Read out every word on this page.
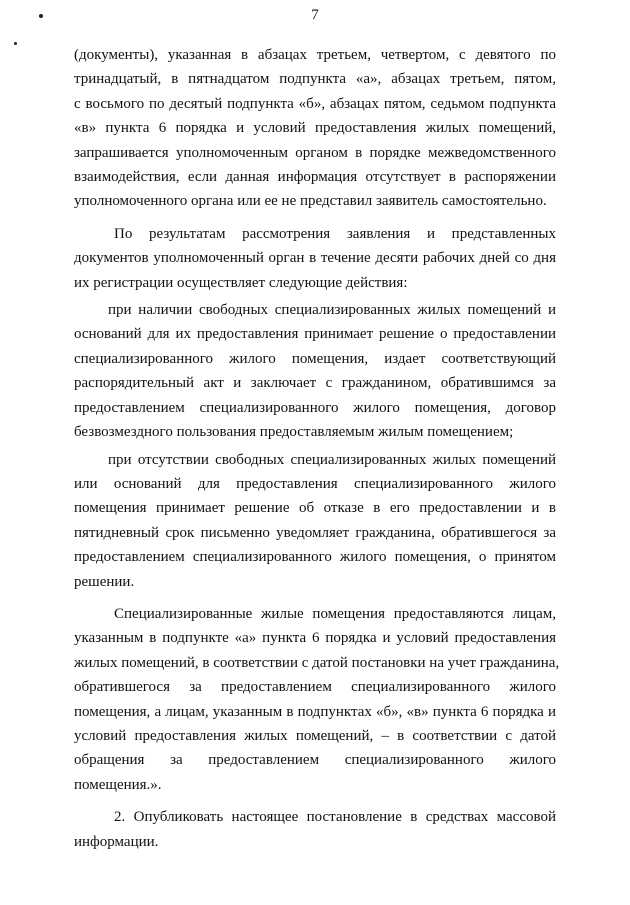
7

(документы), указанная в абзацах третьем, четвертом, с девятого по
тринадцатый, в пятнадцатом подпункта «а», абзацах третьем, пятом,
с восьмого по десятый подпункта «б», абзацах пятом, седьмом подпункта
«в» пункта 6 порядка и условий предоставления жилых помещений,
запрашивается уполномоченным органом в порядке межведомственного
взаимодействия, если данная информация отсутствует в распоряжении
уполномоченного органа или ее не представил заявитель самостоятельно.

По результатам рассмотрения заявления и представленных
документов уполномоченный орган в течение десяти рабочих дней со дня
их регистрации осуществляет следующие действия:

при наличии свободных специализированных жилых помещений и
оснований для их предоставления принимает решение о предоставлении
специализированного жилого помещения, издает соответствующий
распорядительный акт и заключает с гражданином, обратившимся за
предоставлением специализированного жилого помещения, договор
безвозмездного пользования предоставляемым жилым помещением;

при отсутствии свободных специализированных жилых помещений
или оснований для предоставления специализированного жилого
помещения принимает решение об отказе в его предоставлении и в
пятидневный срок письменно уведомляет гражданина, обратившегося за
предоставлением специализированного жилого помещения, о принятом
решении.

Специализированные жилые помещения предоставляются лицам,
указанным в подпункте «а» пункта 6 порядка и условий предоставления
жилых помещений, в соответствии с датой постановки на учет гражданина,
обратившегося за предоставлением специализированного жилого
помещения, а лицам, указанным в подпунктах «б», «в» пункта 6 порядка и
условий предоставления жилых помещений, – в соответствии с датой
обращения за предоставлением специализированного жилого
помещения.».

2. Опубликовать настоящее постановление в средствах массовой
информации.
